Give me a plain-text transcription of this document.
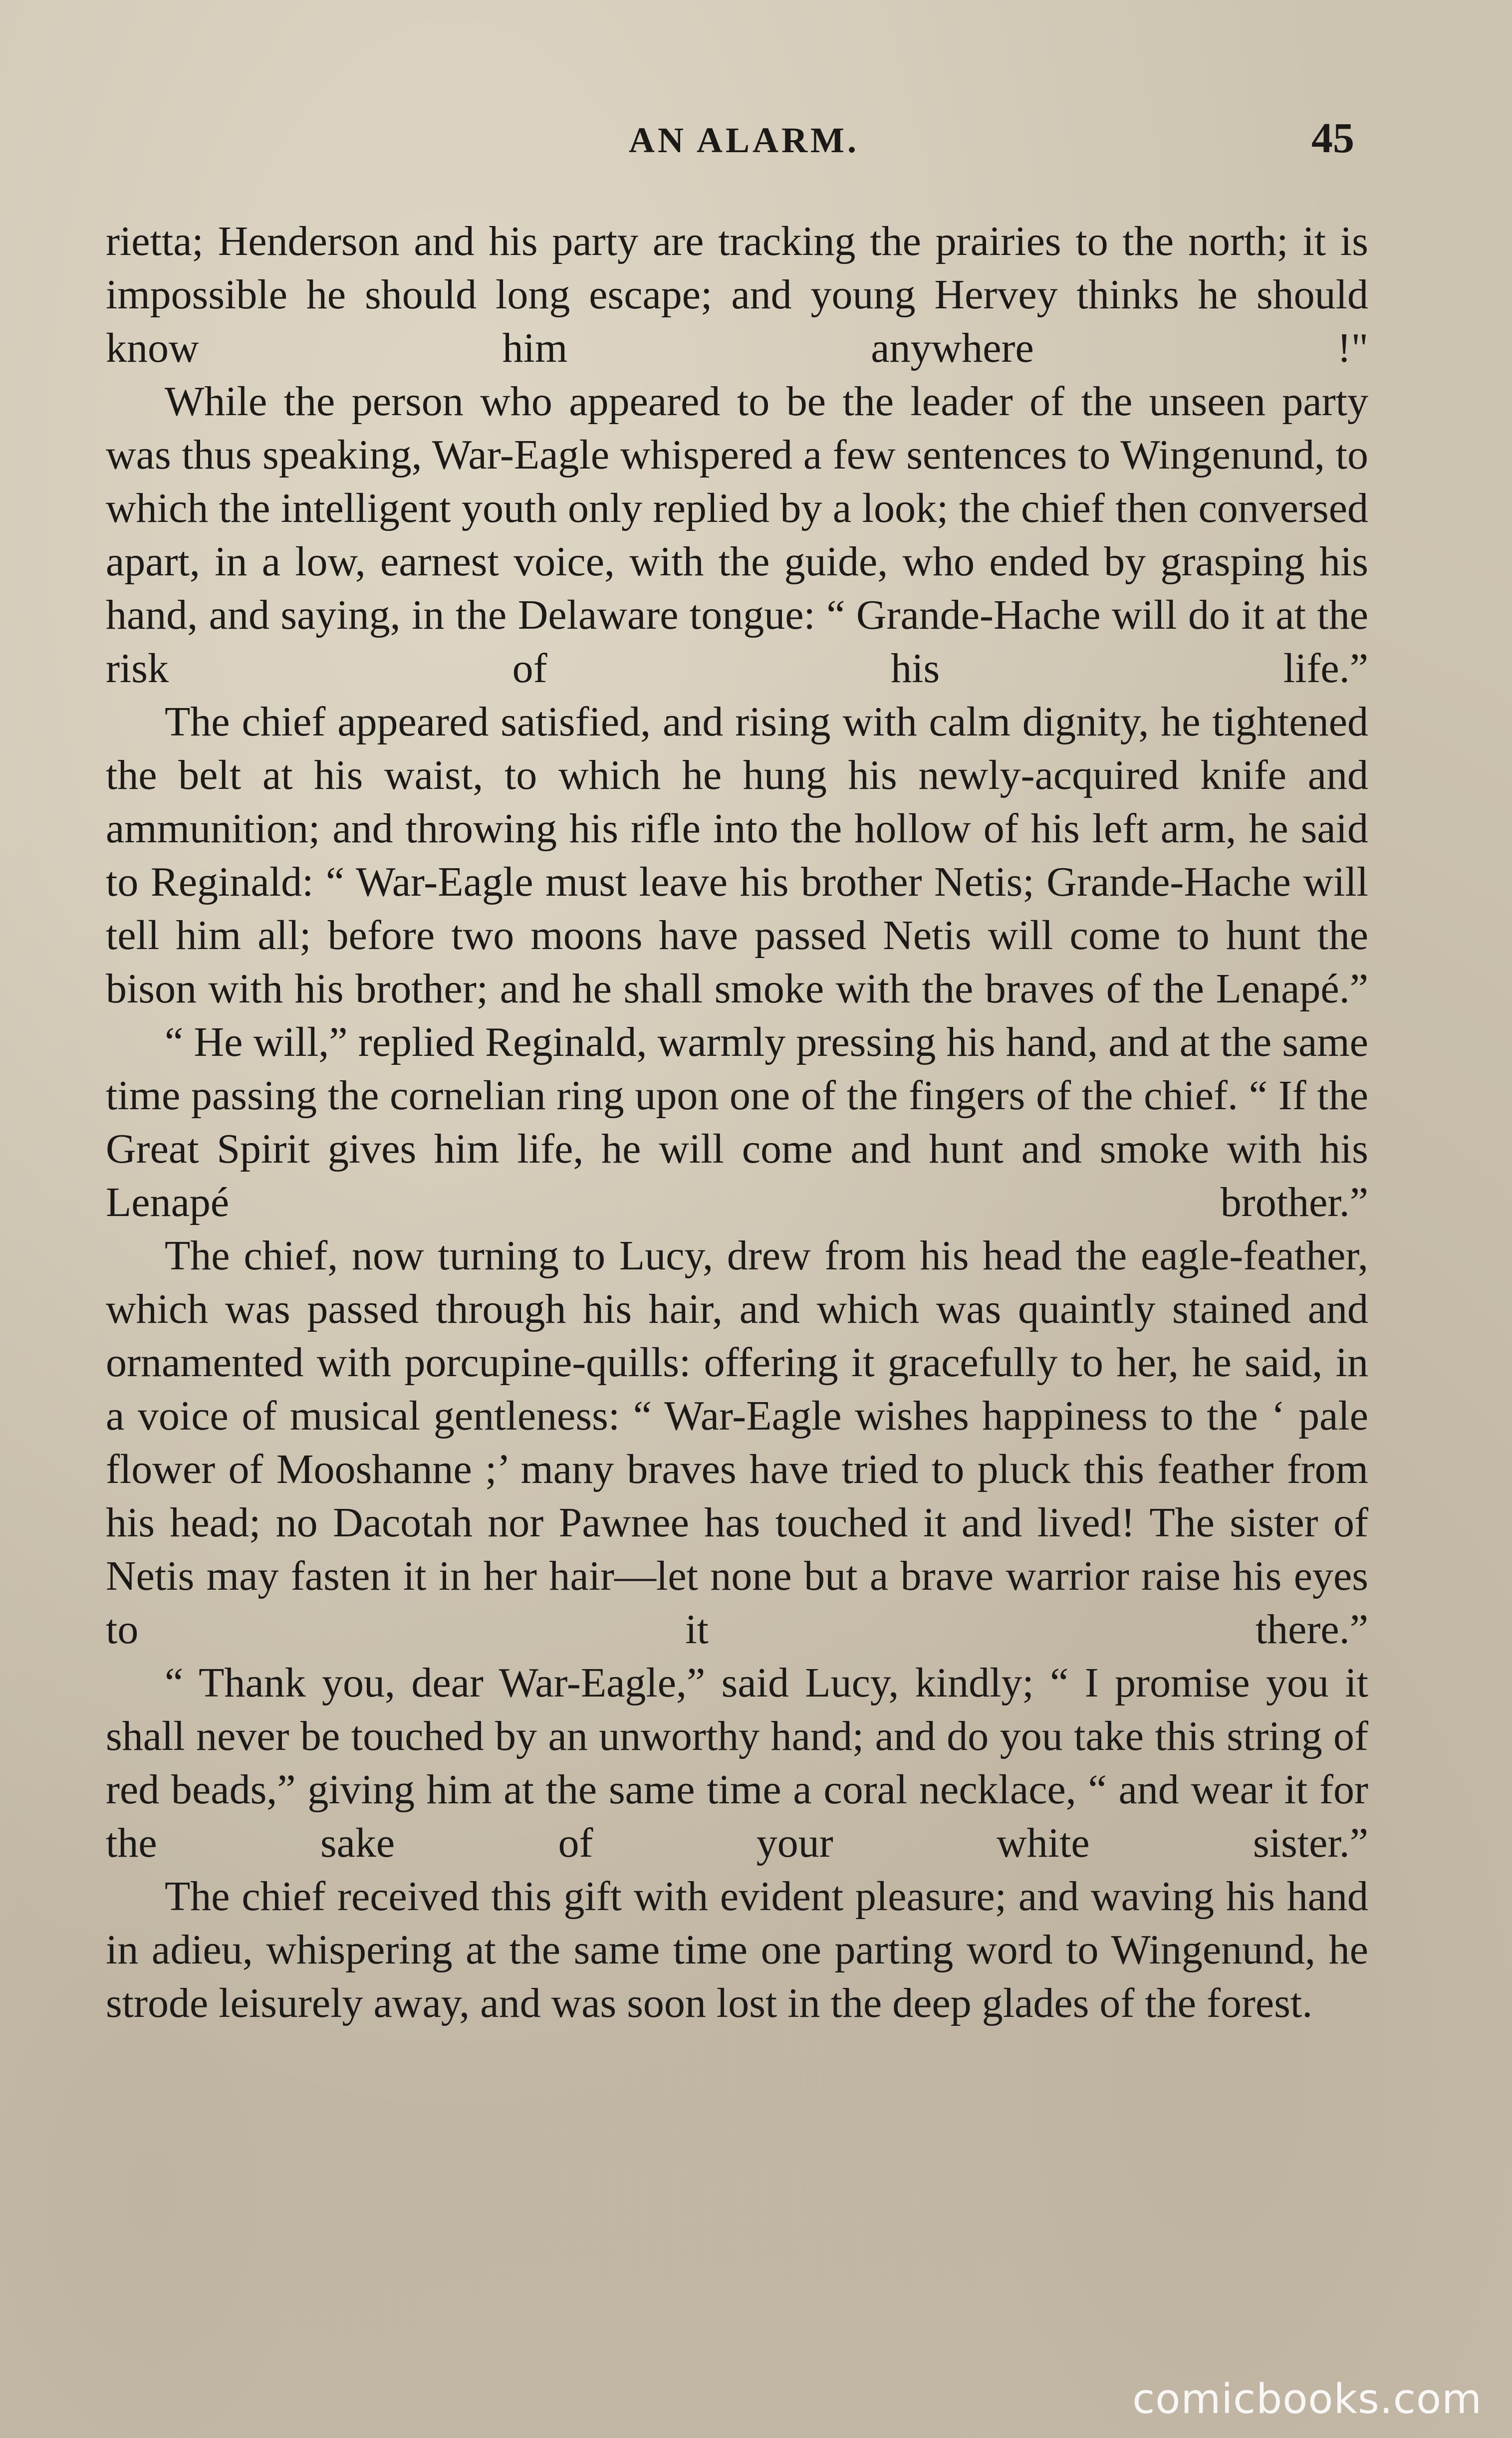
AN ALARM.	45

rietta; Henderson and his party are tracking the prairies to the north; it is impossible he should long escape; and young Hervey thinks he should know him anywhere !"

While the person who appeared to be the leader of the unseen party was thus speaking, War-Eagle whispered a few sentences to Wingenund, to which the intelligent youth only replied by a look; the chief then conversed apart, in a low, earnest voice, with the guide, who ended by grasping his hand, and saying, in the Delaware tongue: “ Grande-Hache will do it at the risk of his life.”

The chief appeared satisfied, and rising with calm dignity, he tightened the belt at his waist, to which he hung his newly-acquired knife and ammunition; and throwing his rifle into the hollow of his left arm, he said to Reginald: “ War-Eagle must leave his brother Netis; Grande-Hache will tell him all; before two moons have passed Netis will come to hunt the bison with his brother; and he shall smoke with the braves of the Lenapé.”

“ He will,” replied Reginald, warmly pressing his hand, and at the same time passing the cornelian ring upon one of the fingers of the chief. “ If the Great Spirit gives him life, he will come and hunt and smoke with his Lenapé brother.”

The chief, now turning to Lucy, drew from his head the eagle-feather, which was passed through his hair, and which was quaintly stained and ornamented with porcupine-quills: offering it gracefully to her, he said, in a voice of musical gentleness: “ War-Eagle wishes happiness to the ‘ pale flower of Mooshanne ;’ many braves have tried to pluck this feather from his head; no Dacotah nor Pawnee has touched it and lived! The sister of Netis may fasten it in her hair—let none but a brave warrior raise his eyes to it there.”

“ Thank you, dear War-Eagle,” said Lucy, kindly; “ I promise you it shall never be touched by an unworthy hand; and do you take this string of red beads,” giving him at the same time a coral necklace, “ and wear it for the sake of your white sister.”

The chief received this gift with evident pleasure; and waving his hand in adieu, whispering at the same time one parting word to Wingenund, he strode leisurely away, and was soon lost in the deep glades of the forest.

comicbooks.com
